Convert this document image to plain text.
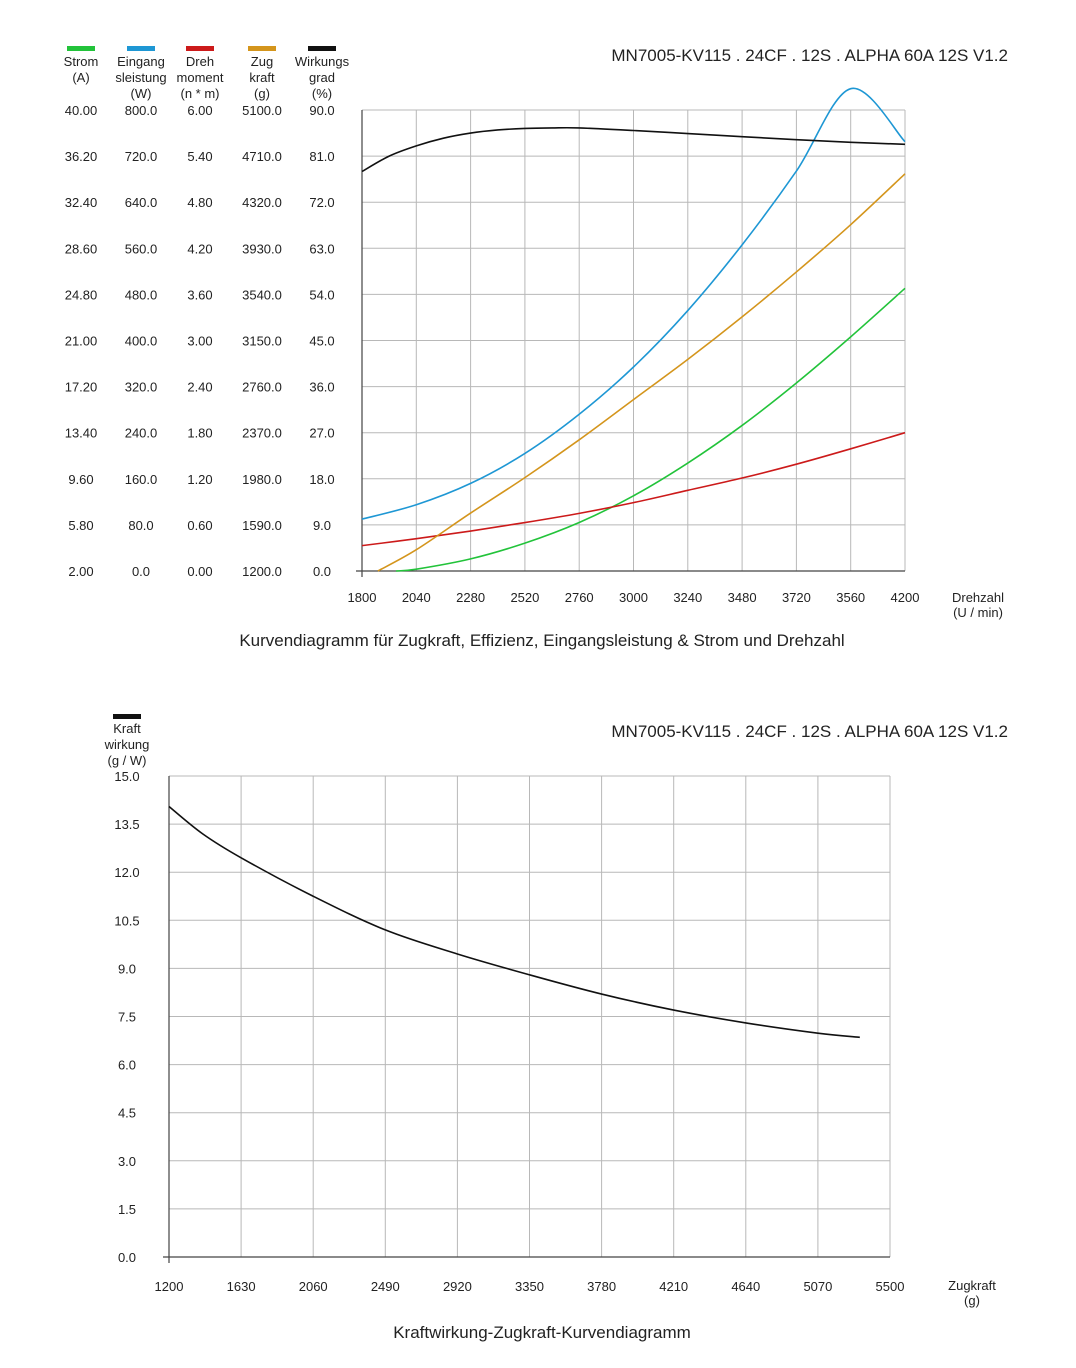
MN7005-KV115 . 24CF . 12S . ALPHA 60A 12S V1.2
Strom
(A)
Eingang
sleistung
(W)
Dreh
moment
(n * m)
Zug
kraft
(g)
Wirkungs
grad
(%)
40.00
36.20
32.40
28.60
24.80
21.00
17.20
13.40
9.60
5.80
2.00
800.0
720.0
640.0
560.0
480.0
400.0
320.0
240.0
160.0
80.0
0.0
6.00
5.40
4.80
4.20
3.60
3.00
2.40
1.80
1.20
0.60
0.00
5100.0
4710.0
4320.0
3930.0
3540.0
3150.0
2760.0
2370.0
1980.0
1590.0
1200.0
90.0
81.0
72.0
63.0
54.0
45.0
36.0
27.0
18.0
9.0
0.0
1800 2040 2280 2520 2760 3000 3240 3480 3720 3560 4200	Drehzahl
(U / min)
Kurvendiagramm für Zugkraft, Effizienz, Eingangsleistung & Strom und Drehzahl
MN7005-KV115 . 24CF . 12S . ALPHA 60A 12S V1.2
Kraft
wirkung
(g / W)
15.0
13.5
12.0
10.5
9.0
7.5
6.0
4.5
3.0
1.5
0.0
1200	1630	2060	2490	2920	3350	3780	4210	4640	5070	5500	Zugkraft
(g)
Kraftwirkung-Zugkraft-Kurvendiagramm
